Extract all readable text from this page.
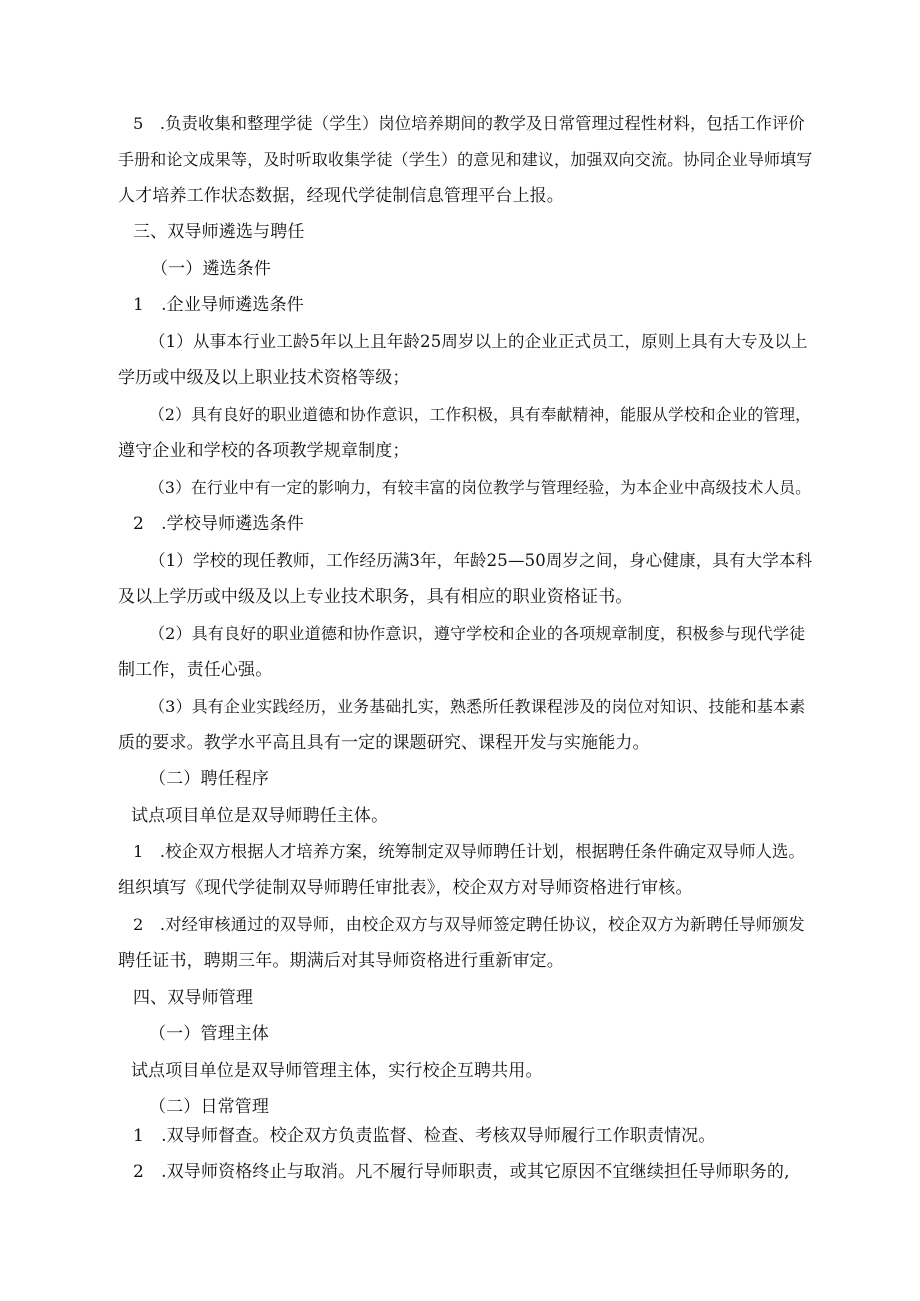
5　.负责收集和整理学徒（学生）岗位培养期间的教学及日常管理过程性材料，包括工作评价
手册和论文成果等，及时听取收集学徒（学生）的意见和建议，加强双向交流。协同企业导师填写
人才培养工作状态数据，经现代学徒制信息管理平台上报。
三、双导师遴选与聘任
（一）遴选条件
1　.企业导师遴选条件
（1）从事本行业工龄5年以上且年龄25周岁以上的企业正式员工，原则上具有大专及以上
学历或中级及以上职业技术资格等级；
（2）具有良好的职业道德和协作意识，工作积极，具有奉献精神，能服从学校和企业的管理，
遵守企业和学校的各项教学规章制度；
（3）在行业中有一定的影响力，有较丰富的岗位教学与管理经验，为本企业中高级技术人员。
2　.学校导师遴选条件
（1）学校的现任教师，工作经历满3年，年龄25—50周岁之间，身心健康，具有大学本科
及以上学历或中级及以上专业技术职务，具有相应的职业资格证书。
（2）具有良好的职业道德和协作意识，遵守学校和企业的各项规章制度，积极参与现代学徒
制工作，责任心强。
（3）具有企业实践经历，业务基础扎实，熟悉所任教课程涉及的岗位对知识、技能和基本素
质的要求。教学水平高且具有一定的课题研究、课程开发与实施能力。
（二）聘任程序
试点项目单位是双导师聘任主体。
1　.校企双方根据人才培养方案，统筹制定双导师聘任计划，根据聘任条件确定双导师人选。
组织填写《现代学徒制双导师聘任审批表》，校企双方对导师资格进行审核。
2　.对经审核通过的双导师，由校企双方与双导师签定聘任协议，校企双方为新聘任导师颁发
聘任证书，聘期三年。期满后对其导师资格进行重新审定。
四、双导师管理
（一）管理主体
试点项目单位是双导师管理主体，实行校企互聘共用。
（二）日常管理
1　.双导师督查。校企双方负责监督、检查、考核双导师履行工作职责情况。
2　.双导师资格终止与取消。凡不履行导师职责，或其它原因不宜继续担任导师职务的,
